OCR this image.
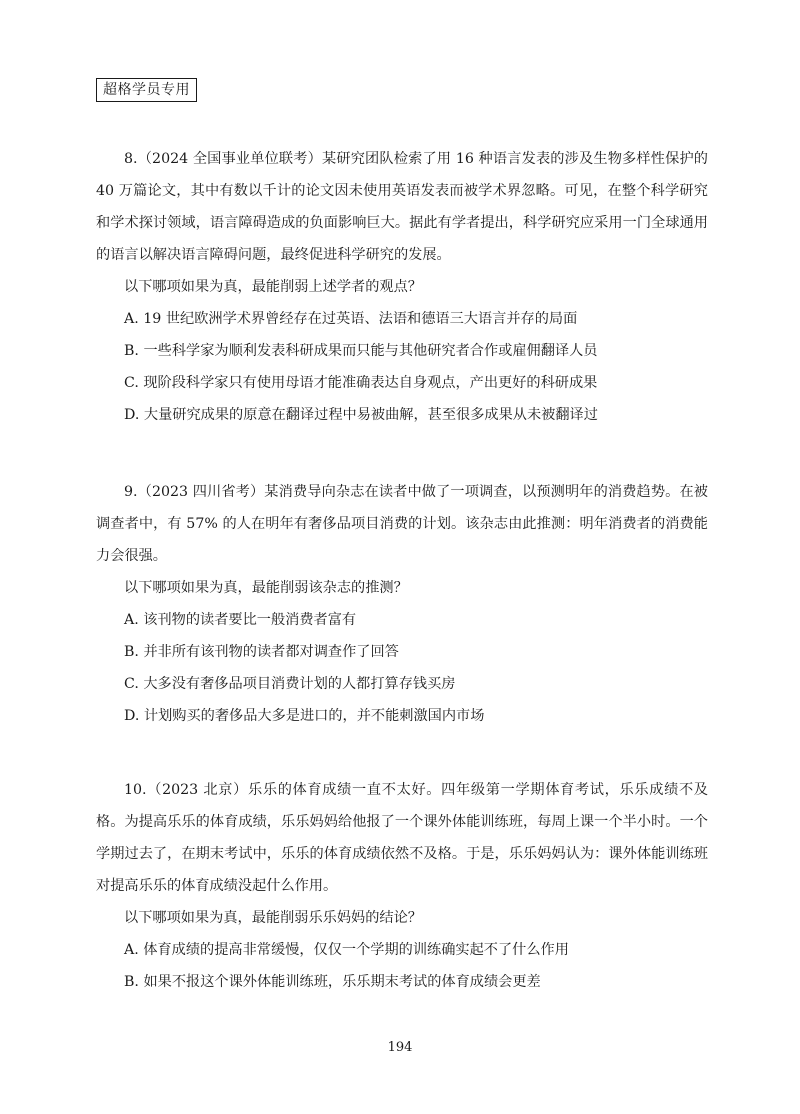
超格学员专用

8.（2024 全国事业单位联考）某研究团队检索了用 16 种语言发表的涉及生物多样性保护的 40 万篇论文，其中有数以千计的论文因未使用英语发表而被学术界忽略。可见，在整个科学研究和学术探讨领域，语言障碍造成的负面影响巨大。据此有学者提出，科学研究应采用一门全球通用的语言以解决语言障碍问题，最终促进科学研究的发展。

以下哪项如果为真，最能削弱上述学者的观点？

A. 19 世纪欧洲学术界曾经存在过英语、法语和德语三大语言并存的局面

B. 一些科学家为顺利发表科研成果而只能与其他研究者合作或雇佣翻译人员

C. 现阶段科学家只有使用母语才能准确表达自身观点，产出更好的科研成果

D. 大量研究成果的原意在翻译过程中易被曲解，甚至很多成果从未被翻译过

9.（2023 四川省考）某消费导向杂志在读者中做了一项调查，以预测明年的消费趋势。在被调查者中，有 57% 的人在明年有奢侈品项目消费的计划。该杂志由此推测：明年消费者的消费能力会很强。

以下哪项如果为真，最能削弱该杂志的推测？

A. 该刊物的读者要比一般消费者富有

B. 并非所有该刊物的读者都对调查作了回答

C. 大多没有奢侈品项目消费计划的人都打算存钱买房

D. 计划购买的奢侈品大多是进口的，并不能刺激国内市场

10.（2023 北京）乐乐的体育成绩一直不太好。四年级第一学期体育考试，乐乐成绩不及格。为提高乐乐的体育成绩，乐乐妈妈给他报了一个课外体能训练班，每周上课一个半小时。一个学期过去了，在期末考试中，乐乐的体育成绩依然不及格。于是，乐乐妈妈认为：课外体能训练班对提高乐乐的体育成绩没起什么作用。

以下哪项如果为真，最能削弱乐乐妈妈的结论？

A. 体育成绩的提高非常缓慢，仅仅一个学期的训练确实起不了什么作用

B. 如果不报这个课外体能训练班，乐乐期末考试的体育成绩会更差

194
